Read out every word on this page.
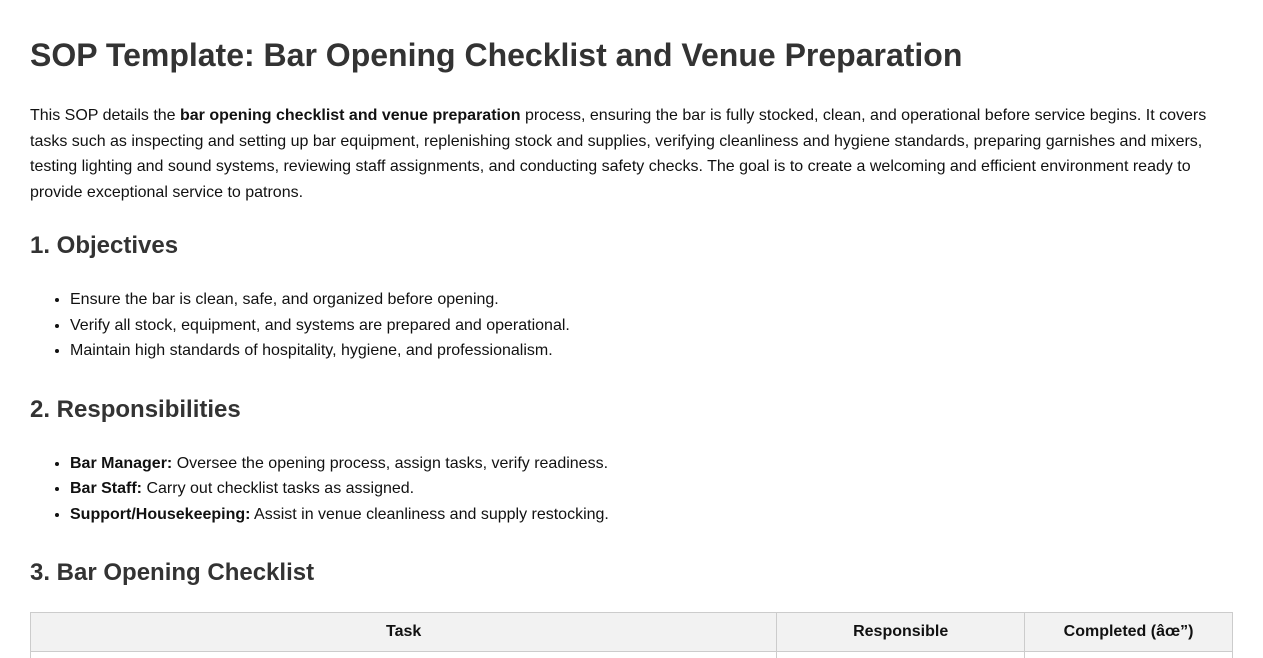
SOP Template: Bar Opening Checklist and Venue Preparation

This SOP details the bar opening checklist and venue preparation process, ensuring the bar is fully stocked, clean, and operational before service begins. It covers tasks such as inspecting and setting up bar equipment, replenishing stock and supplies, verifying cleanliness and hygiene standards, preparing garnishes and mixers, testing lighting and sound systems, reviewing staff assignments, and conducting safety checks. The goal is to create a welcoming and efficient environment ready to provide exceptional service to patrons.

1. Objectives
• Ensure the bar is clean, safe, and organized before opening.
• Verify all stock, equipment, and systems are prepared and operational.
• Maintain high standards of hospitality, hygiene, and professionalism.
2. Responsibilities
• Bar Manager: Oversee the opening process, assign tasks, verify readiness.
• Bar Staff: Carry out checklist tasks as assigned.
• Support/Housekeeping: Assist in venue cleanliness and supply restocking.
3. Bar Opening Checklist
Task	Responsible	Completed (âœ”)
